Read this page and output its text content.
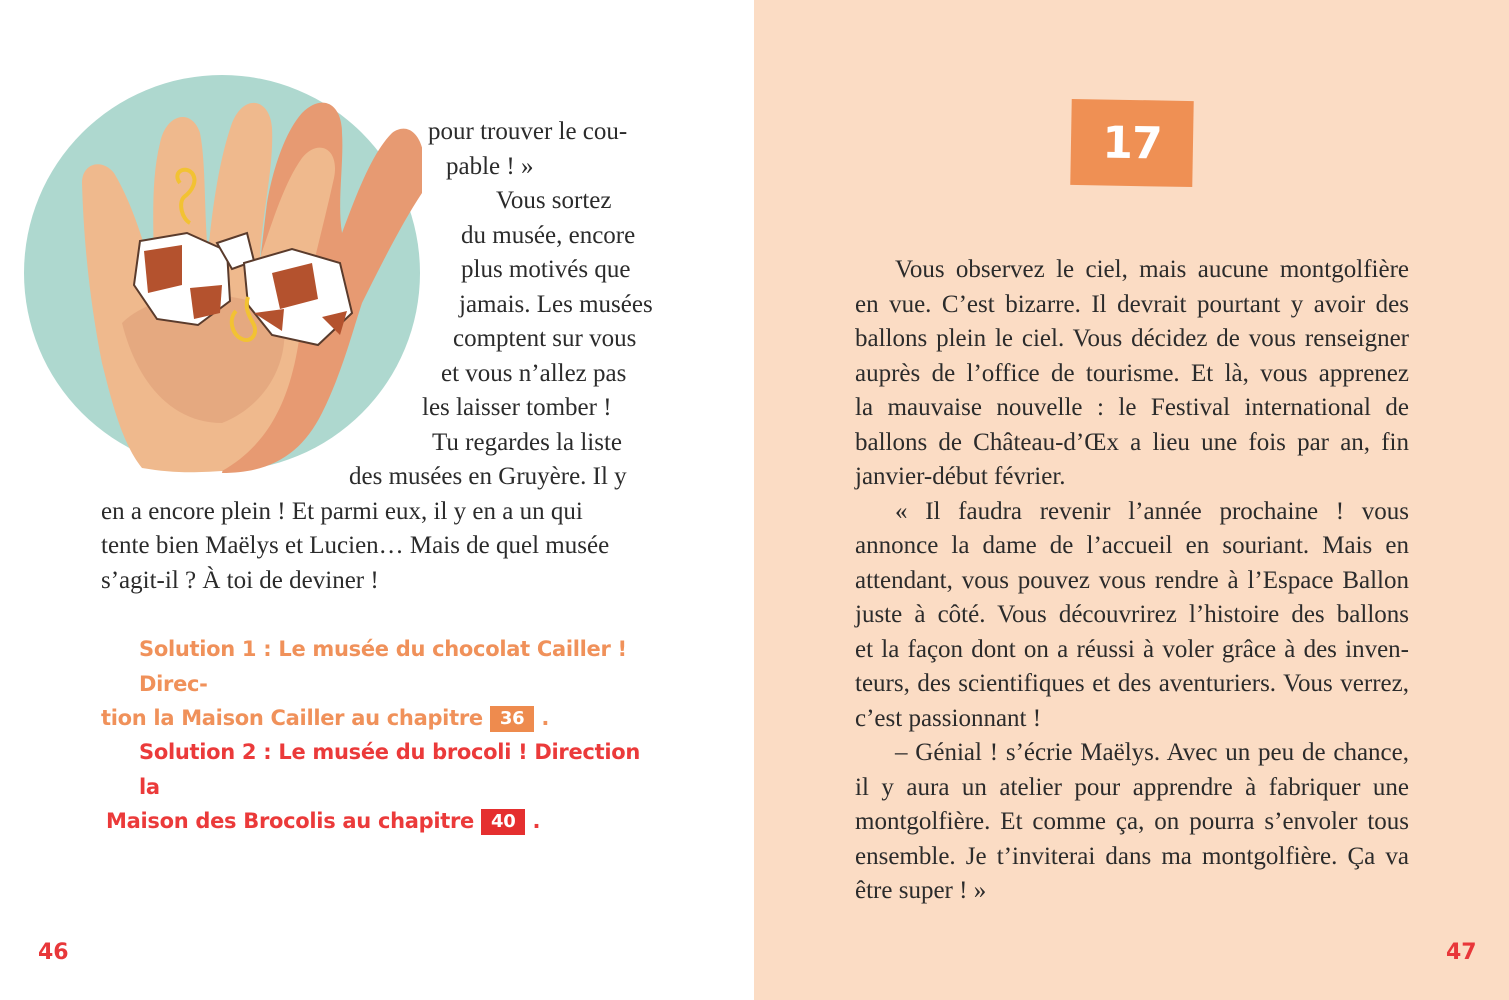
pour trouver le cou-
pable ! »
Vous sortez
du musée, encore
plus motivés que
jamais. Les musées
comptent sur vous
et vous n’allez pas
les laisser tomber !
Tu regardes la liste
des musées en Gruyère. Il y
en a encore plein ! Et parmi eux, il y en a un qui
tente bien Maëlys et Lucien… Mais de quel musée
s’agit-il ? À toi de deviner !
Solution 1 : Le musée du chocolat Cailler ! Direc-
tion la Maison Cailler au chapitre 36 .
Solution 2 : Le musée du brocoli ! Direction la
Maison des Brocolis au chapitre 40 .
46
17
Vous observez le ciel, mais aucune montgolfière
en vue. C’est bizarre. Il devrait pourtant y avoir des
ballons plein le ciel. Vous décidez de vous renseigner
auprès de l’office de tourisme. Et là, vous apprenez
la mauvaise nouvelle : le Festival international de
ballons de Château-d’Œx a lieu une fois par an, fin
janvier-début février.
« Il faudra revenir l’année prochaine ! vous
annonce la dame de l’accueil en souriant. Mais en
attendant, vous pouvez vous rendre à l’Espace Ballon
juste à côté. Vous découvrirez l’histoire des ballons
et la façon dont on a réussi à voler grâce à des inven-
teurs, des scientifiques et des aventuriers. Vous verrez,
c’est passionnant !
– Génial ! s’écrie Maëlys. Avec un peu de chance,
il y aura un atelier pour apprendre à fabriquer une
montgolfière. Et comme ça, on pourra s’envoler tous
ensemble. Je t’inviterai dans ma montgolfière. Ça va
être super ! »
47
